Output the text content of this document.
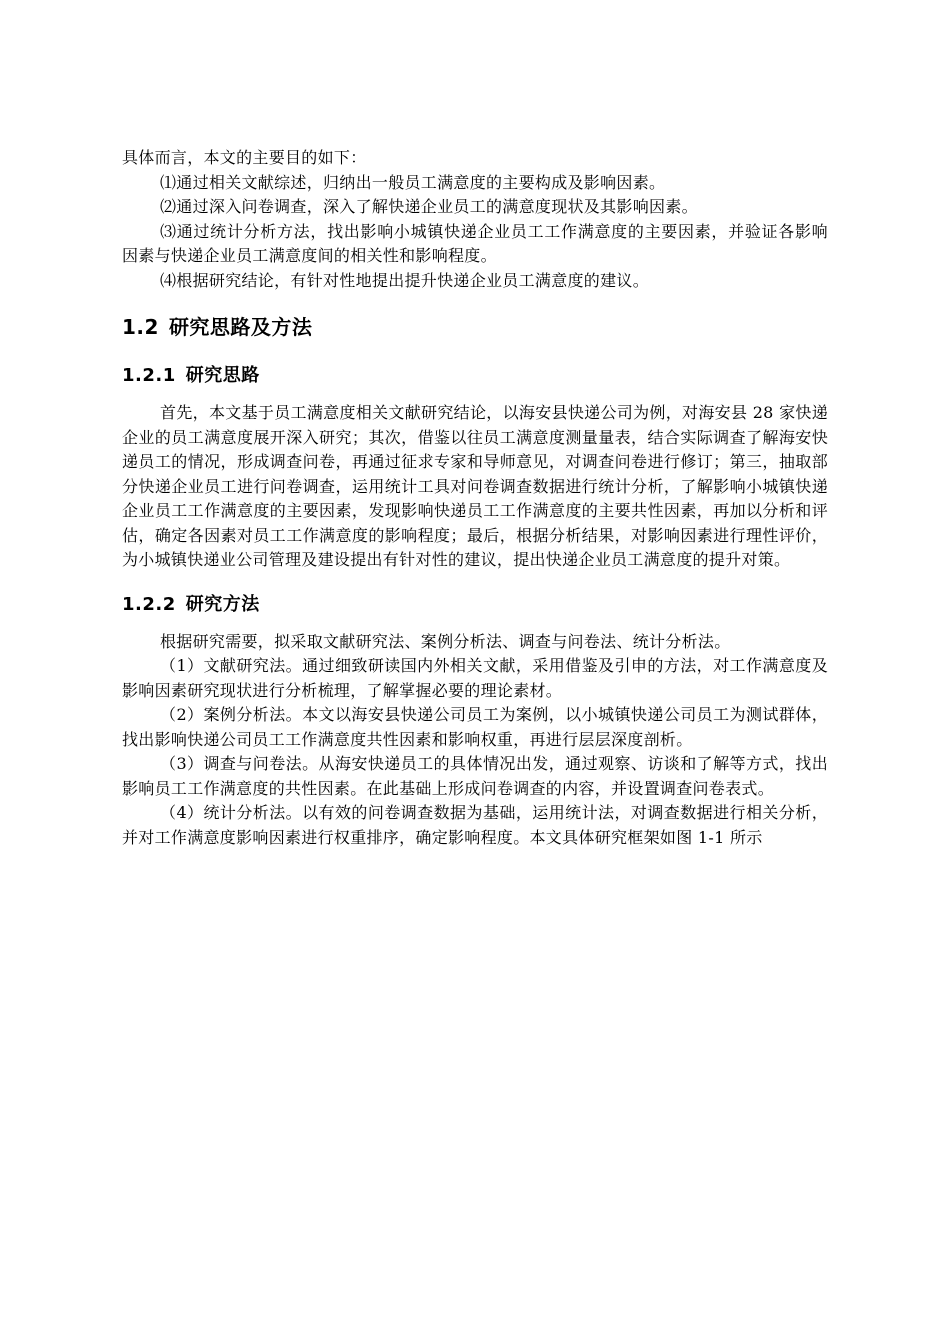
具体而言，本文的主要目的如下：

⑴通过相关文献综述，归纳出一般员工满意度的主要构成及影响因素。

⑵通过深入问卷调查，深入了解快递企业员工的满意度现状及其影响因素。

⑶通过统计分析方法，找出影响小城镇快递企业员工工作满意度的主要因素，并验证各影响因素与快递企业员工满意度间的相关性和影响程度。

⑷根据研究结论，有针对性地提出提升快递企业员工满意度的建议。

1.2 研究思路及方法
1.2.1 研究思路

首先，本文基于员工满意度相关文献研究结论，以海安县快递公司为例，对海安县 28 家快递企业的员工满意度展开深入研究；其次，借鉴以往员工满意度测量量表，结合实际调查了解海安快递员工的情况，形成调查问卷，再通过征求专家和导师意见，对调查问卷进行修订；第三，抽取部分快递企业员工进行问卷调查，运用统计工具对问卷调查数据进行统计分析，了解影响小城镇快递企业员工工作满意度的主要因素，发现影响快递员工工作满意度的主要共性因素，再加以分析和评估，确定各因素对员工工作满意度的影响程度；最后，根据分析结果，对影响因素进行理性评价，为小城镇快递业公司管理及建设提出有针对性的建议，提出快递企业员工满意度的提升对策。

1.2.2 研究方法

根据研究需要，拟采取文献研究法、案例分析法、调查与问卷法、统计分析法。

（1）文献研究法。通过细致研读国内外相关文献，采用借鉴及引申的方法，对工作满意度及影响因素研究现状进行分析梳理，了解掌握必要的理论素材。

（2）案例分析法。本文以海安县快递公司员工为案例，以小城镇快递公司员工为测试群体，找出影响快递公司员工工作满意度共性因素和影响权重，再进行层层深度剖析。

（3）调查与问卷法。从海安快递员工的具体情况出发，通过观察、访谈和了解等方式，找出影响员工工作满意度的共性因素。在此基础上形成问卷调查的内容，并设置调查问卷表式。

（4）统计分析法。以有效的问卷调查数据为基础，运用统计法，对调查数据进行相关分析，并对工作满意度影响因素进行权重排序，确定影响程度。本文具体研究框架如图 1-1 所示
